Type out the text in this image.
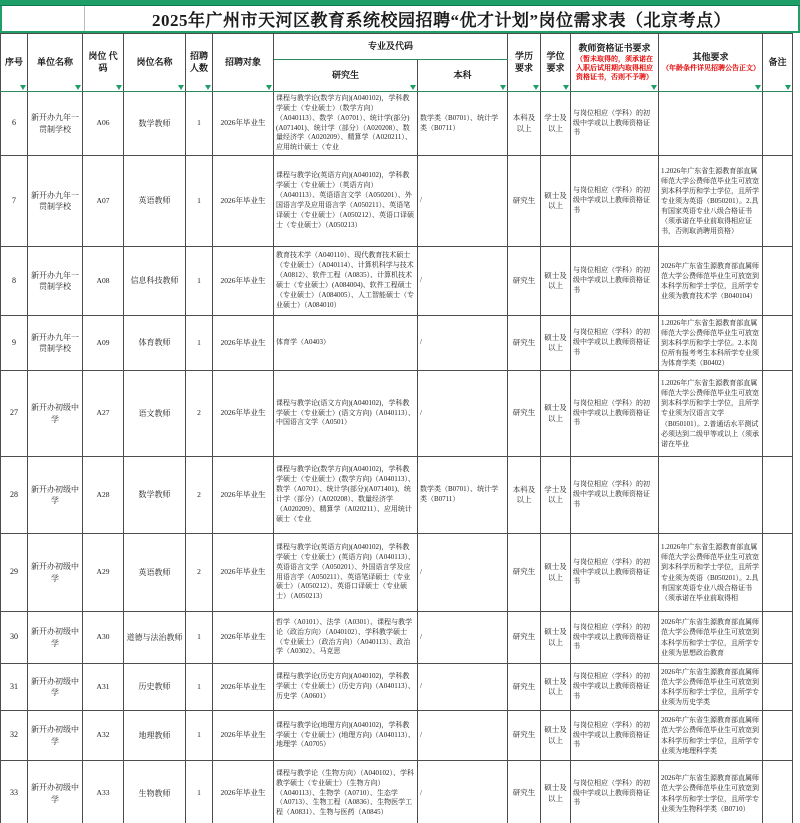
2025年广州市天河区教育系统校园招聘“优才计划”岗位需求表（北京考点）
序号	单位名称	岗位 代码	岗位名称	招聘 人数	招聘对象	专业及代码		学历 要求	学位 要求	教师资格证书要求
（暂未取得的，须承诺在入职后试用期内取得相应资格证书，否则不予聘）	其他要求
（年龄条件详见招聘公告正文）	备注

						研究生	本科					

6	新开办九年一贯制学校	A06	数学教师	1	2026年毕业生	课程与教学论(数学方向)(A040102)，学科教学硕士（专业硕士）（数学方向）（A040113）、数学（A0701）、统计学(部分)(A071401)、统计学（部分）（A020208）、数量经济学（A020209）、精算学（A020211）、应用统计硕士（专业	数学类（B0701）、统计学类（B0711）	本科及以上	学士及以上	与岗位相应（学科）的初级中学或以上教师资格证书		
7	新开办九年一贯制学校	A07	英语教师	1	2026年毕业生	课程与教学论(英语方向)(A040102)，学科教学硕士（专业硕士）（英语方向）（A040113）、英语语言文学（A050201）、外国语言学及应用语言学（A050211）、英语笔译硕士（专业硕士）（A050212）、英语口译硕士（专业硕士）（A050213）	/	研究生	硕士及以上	与岗位相应（学科）的初级中学或以上教师资格证书	1.2026年广东省生源教育部直属师范大学公费师范毕业生可放宽到本科学历和学士学位，且所学专业须为英语（B050201）。2.具有国家英语专业八级合格证书（须承诺在毕业前取得相应证书，否则取消聘用资格）	
8	新开办九年一贯制学校	A08	信息科技教师	1	2026年毕业生	教育技术学（A040110）、现代教育技术硕士（专业硕士）（A040114）、计算机科学与技术（A0812）、软件工程（A0835）、计算机技术硕士（专业硕士）(A084004)、软件工程硕士（专业硕士）（A084005）、人工智能硕士（专业硕士）（A084010）	/	研究生	硕士及以上	与岗位相应（学科）的初级中学或以上教师资格证书	2026年广东省生源教育部直属师范大学公费师范毕业生可放宽到本科学历和学士学位，且所学专业须为教育技术学（B040104）	
9	新开办九年一贯制学校	A09	体育教师	1	2026年毕业生	体育学（A0403）	/	研究生	硕士及以上	与岗位相应（学科）的初级中学或以上教师资格证书	1.2026年广东省生源教育部直属师范大学公费师范毕业生可放宽到本科学历和学士学位。2.本岗位所有报考考生本科所学专业须为体育学类（B0402）	
27	新开办初级中学	A27	语文教师	2	2026年毕业生	课程与教学论(语文方向)(A040102)，学科教学硕士（专业硕士）(语文方向)（A040113）、中国语言文学（A0501）	/	研究生	硕士及以上	与岗位相应（学科）的初级中学或以上教师资格证书	1.2026年广东省生源教育部直属师范大学公费师范毕业生可放宽到本科学历和学士学位，且所学专业须为汉语言文学（B050101）。2.普通话水平测试必须达到二级甲等或以上（须承诺在毕业	
28	新开办初级中学	A28	数学教师	2	2026年毕业生	课程与教学论(数学方向)(A040102)，学科教学硕士（专业硕士）(数学方向)（A040113）、数学（A0701）、统计学(部分)(A071401)、统计学（部分）（A020208）、数量经济学（A020209）、精算学（A020211）、应用统计硕士（专业	数学类（B0701）、统计学类（B0711）	本科及以上	学士及以上	与岗位相应（学科）的初级中学或以上教师资格证书		
29	新开办初级中学	A29	英语教师	2	2026年毕业生	课程与教学论(英语方向)(A040102)，学科教学硕士（专业硕士）(英语方向)（A040113）、英语语言文学（A050201）、外国语言学及应用语言学（A050211）、英语笔译硕士（专业硕士）（A050212）、英语口译硕士（专业硕士）（A050213）	/	研究生	硕士及以上	与岗位相应（学科）的初级中学或以上教师资格证书	1.2026年广东省生源教育部直属师范大学公费师范毕业生可放宽到本科学历和学士学位，且所学专业须为英语（B050201）。2.具有国家英语专业八级合格证书（须承诺在毕业前取得相	
30	新开办初级中学	A30	道德与法治教师	1	2026年毕业生	哲学（A0101）、法学（A0301）、课程与教学论（政治方向）（A040102）、学科教学硕士（专业硕士）（政治方向）（A040113）、政治学（A0302）、马克思	/	研究生	硕士及以上	与岗位相应（学科）的初级中学或以上教师资格证书	2026年广东省生源教育部直属师范大学公费师范毕业生可放宽到本科学历和学士学位，且所学专业须为思想政治教育	
31	新开办初级中学	A31	历史教师	1	2026年毕业生	课程与教学论(历史方向)(A040102)，学科教学硕士（专业硕士）(历史方向)（A040113）、历史学（A0601）	/	研究生	硕士及以上	与岗位相应（学科）的初级中学或以上教师资格证书	2026年广东省生源教育部直属师范大学公费师范毕业生可放宽到本科学历和学士学位，且所学专业须为历史学类	
32	新开办初级中学	A32	地理教师	1	2026年毕业生	课程与教学论(地理方向)(A040102)，学科教学硕士（专业硕士）(地理方向)（A040113）、地理学（A0705）	/	研究生	硕士及以上	与岗位相应（学科）的初级中学或以上教师资格证书	2026年广东省生源教育部直属师范大学公费师范毕业生可放宽到本科学历和学士学位，且所学专业须为地理科学类	
33	新开办初级中学	A33	生物教师	1	2026年毕业生	课程与教学论（生物方向）（A040102）、学科教学硕士（专业硕士）（生物方向）（A040113）、生物学（A0710）、生态学（A0713）、生物工程（A0836）、生物医学工程（A0831）、生物与医药（A0845）	/	研究生	硕士及以上	与岗位相应（学科）的初级中学或以上教师资格证书	2026年广东省生源教育部直属师范大学公费师范毕业生可放宽到本科学历和学士学位，且所学专业须为生物科学类（B0710）	
